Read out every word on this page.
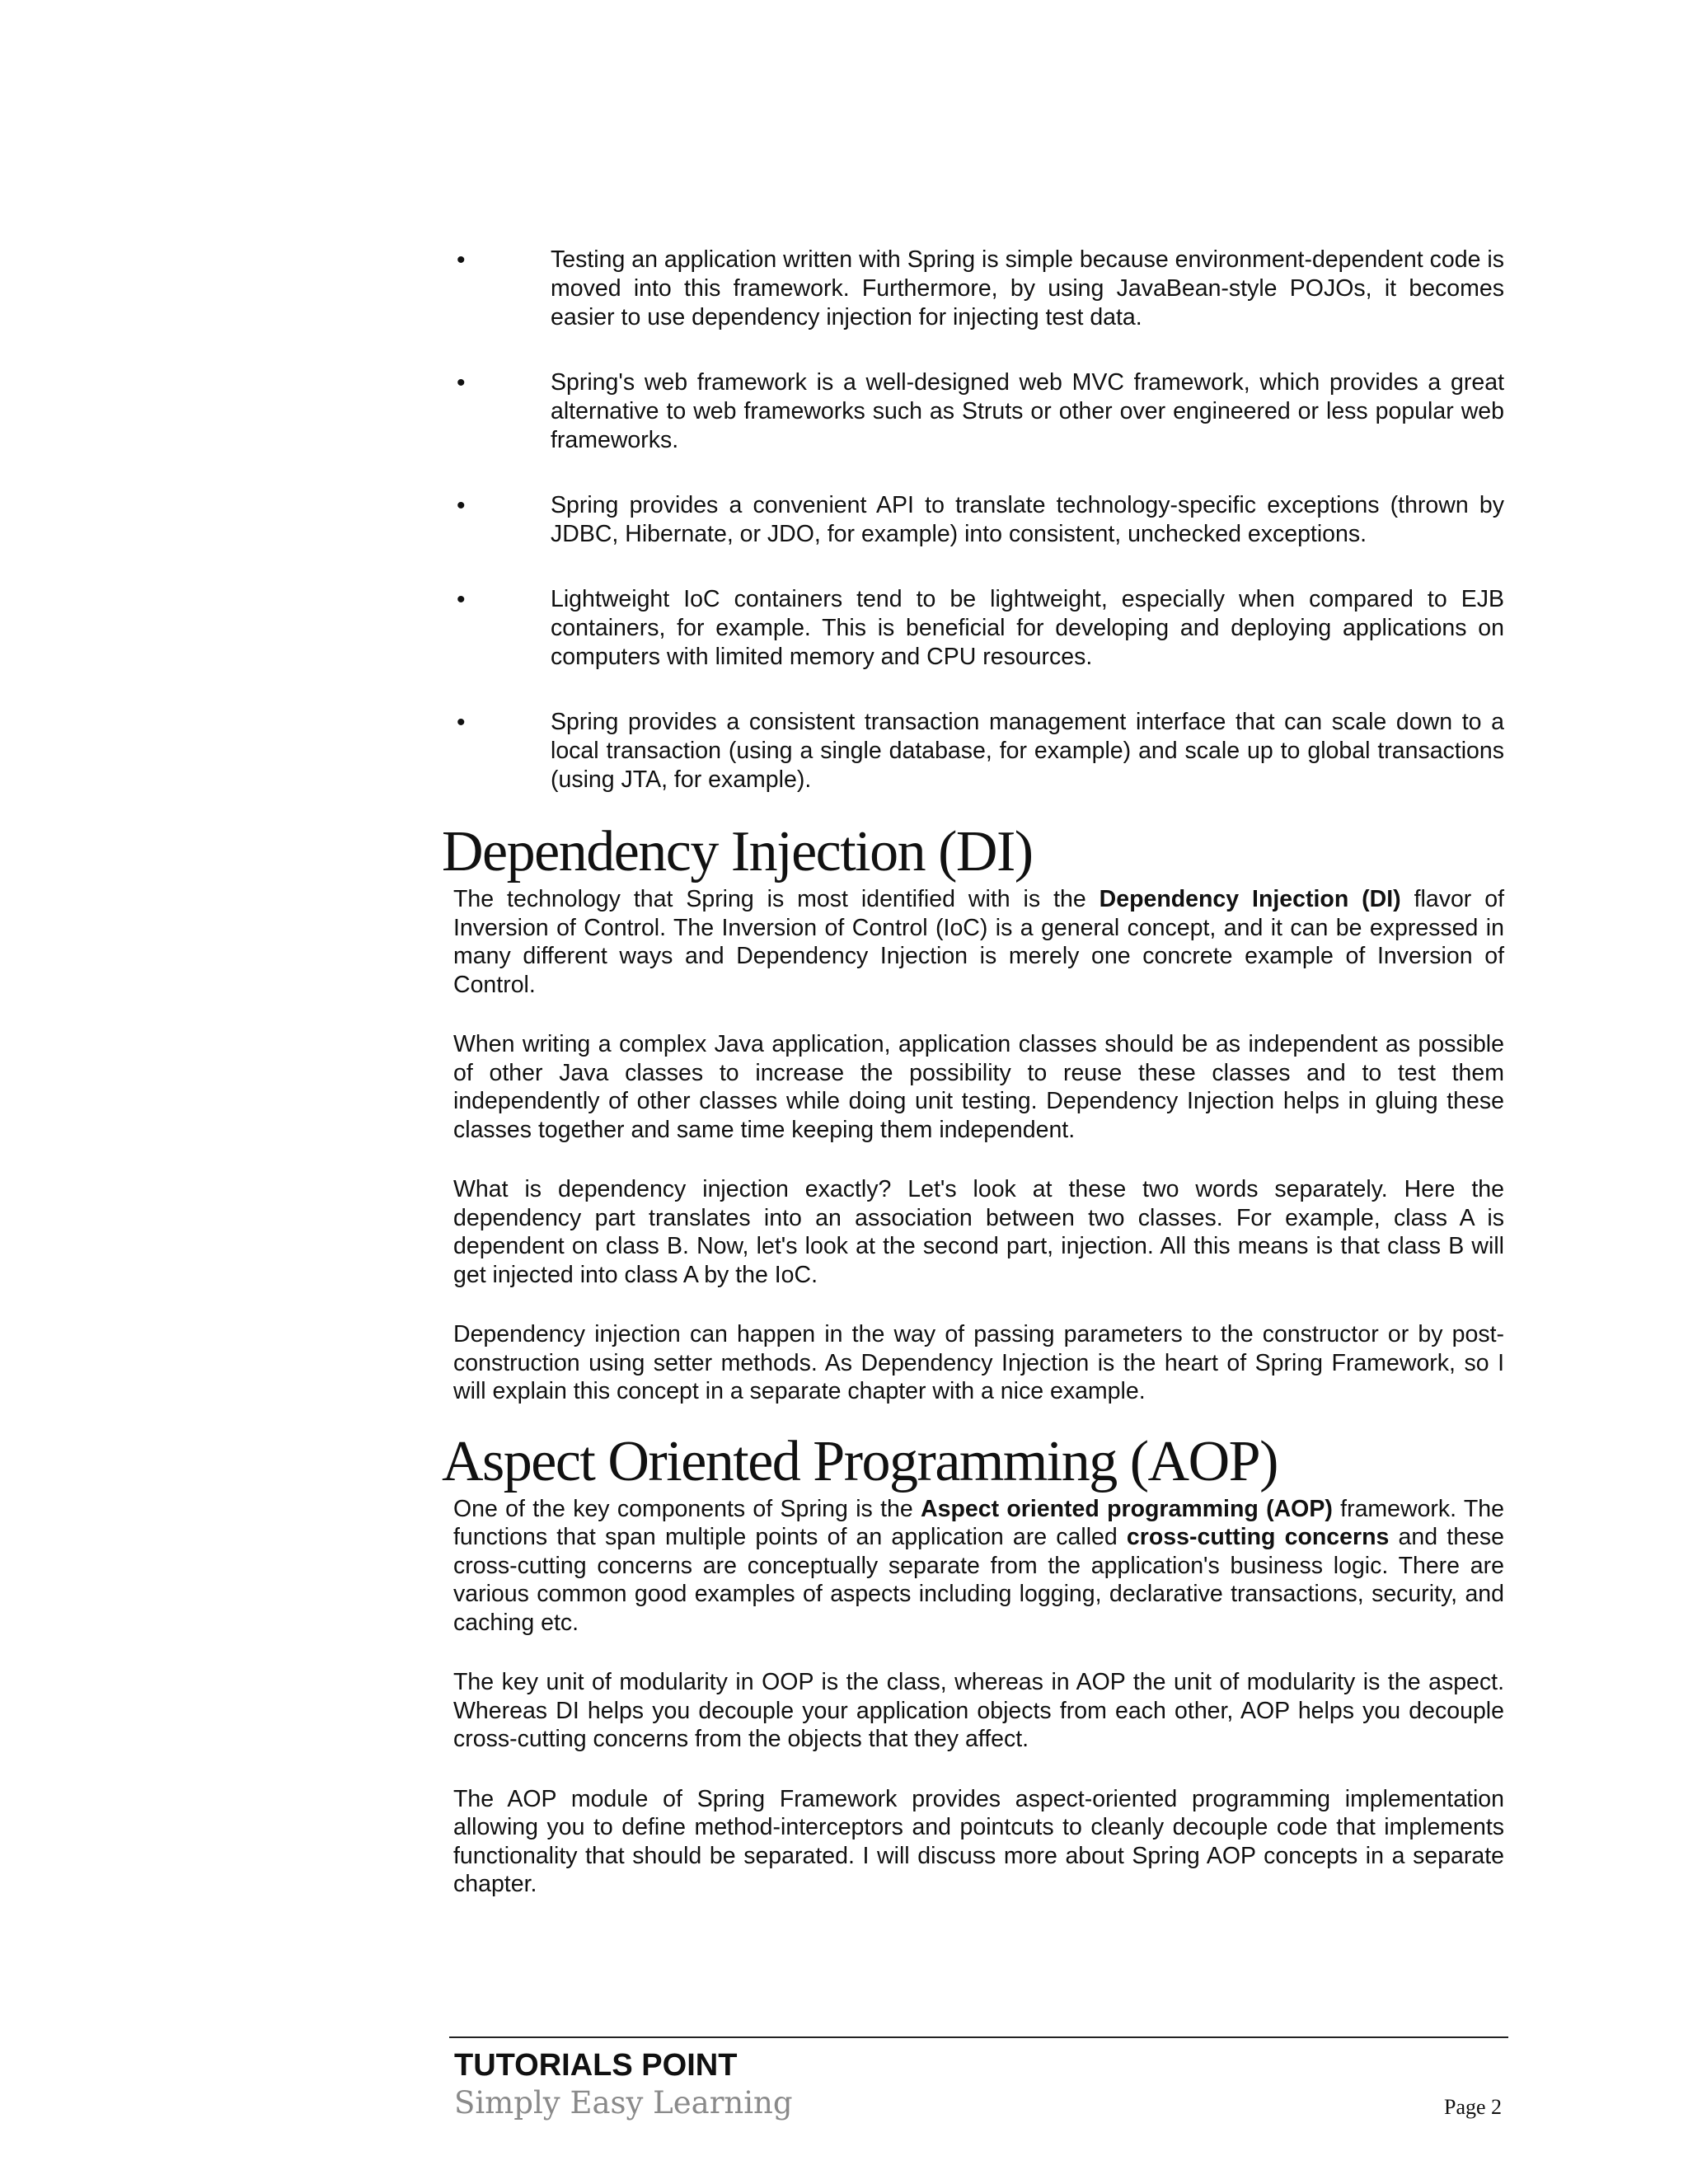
•	Testing an application written with Spring is simple because environment-dependent code is moved into this framework. Furthermore, by using JavaBean-style POJOs, it becomes easier to use dependency injection for injecting test data.
•	Spring's web framework is a well-designed web MVC framework, which provides a great alternative to web frameworks such as Struts or other over engineered or less popular web frameworks.
•	Spring provides a convenient API to translate technology-specific exceptions (thrown by JDBC, Hibernate, or JDO, for example) into consistent, unchecked exceptions.
•	Lightweight IoC containers tend to be lightweight, especially when compared to EJB containers, for example. This is beneficial for developing and deploying applications on computers with limited memory and CPU resources.
•	Spring provides a consistent transaction management interface that can scale down to a local transaction (using a single database, for example) and scale up to global transactions (using JTA, for example).
Dependency Injection (DI)

The technology that Spring is most identified with is the Dependency Injection (DI) flavor of Inversion of Control. The Inversion of Control (IoC) is a general concept, and it can be expressed in many different ways and Dependency Injection is merely one concrete example of Inversion of Control.

When writing a complex Java application, application classes should be as independent as possible of other Java classes to increase the possibility to reuse these classes and to test them independently of other classes while doing unit testing. Dependency Injection helps in gluing these classes together and same time keeping them independent.

What is dependency injection exactly? Let's look at these two words separately. Here the dependency part translates into an association between two classes. For example, class A is dependent on class B. Now, let's look at the second part, injection. All this means is that class B will get injected into class A by the IoC.

Dependency injection can happen in the way of passing parameters to the constructor or by post-construction using setter methods. As Dependency Injection is the heart of Spring Framework, so I will explain this concept in a separate chapter with a nice example.

Aspect Oriented Programming (AOP)

One of the key components of Spring is the Aspect oriented programming (AOP) framework. The functions that span multiple points of an application are called cross-cutting concerns and these cross-cutting concerns are conceptually separate from the application's business logic. There are various common good examples of aspects including logging, declarative transactions, security, and caching etc.

The key unit of modularity in OOP is the class, whereas in AOP the unit of modularity is the aspect. Whereas DI helps you decouple your application objects from each other, AOP helps you decouple cross-cutting concerns from the objects that they affect.

The AOP module of Spring Framework provides aspect-oriented programming implementation allowing you to define method-interceptors and pointcuts to cleanly decouple code that implements functionality that should be separated. I will discuss more about Spring AOP concepts in a separate chapter.

TUTORIALS POINT
Simply Easy Learning	Page 2
